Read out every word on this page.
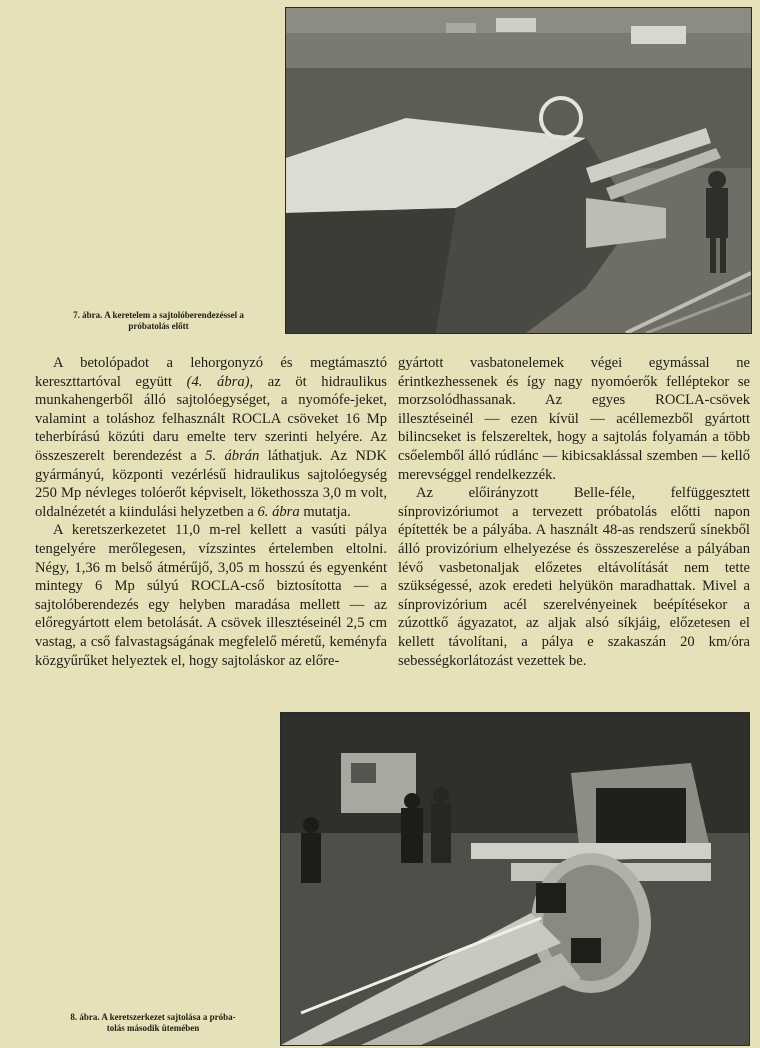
7. ábra. A keretelem a sajtolóberendezéssel a
próbatolás előtt

A betolópadot a lehorgonyzó és megtámasztó kereszttartóval együtt (4. ábra), az öt hidraulikus munkahengerből álló sajtolóegységet, a nyomófe-jeket, valamint a toláshoz felhasznált ROCLA csöveket 16 Mp teherbírású közúti daru emelte terv szerinti helyére. Az összeszerelt berendezést a 5. ábrán láthatjuk. Az NDK gyármányú, központi vezérlésű hidraulikus sajtolóegység 250 Mp névleges tolóerőt képviselt, lökethossza 3,0 m volt, oldalnézetét a kiindulási helyzetben a 6. ábra mutatja.

A keretszerkezetet 11,0 m-rel kellett a vasúti pálya tengelyére merőlegesen, vízszintes értelemben eltolni. Négy, 1,36 m belső átmérűjő, 3,05 m hosszú és egyenként mintegy 6 Mp súlyú ROCLA-cső biztosította — a sajtolóberendezés egy helyben maradása mellett — az előregyártott elem betolását. A csövek illesztéseinél 2,5 cm vastag, a cső falvastagságának megfelelő méretű, keményfa közgyűrűket helyeztek el, hogy sajtoláskor az előre-

gyártott vasbatonelemek végei egymással ne érintkezhessenek és így nagy nyomóerők felléptekor se morzsolódhassanak. Az egyes ROCLA-csövek illesztéseinél — ezen kívül — acéllemezből gyártott bilincseket is felszereltek, hogy a sajtolás folyamán a több csőelemből álló rúdlánc — kibicsaklással szemben — kellő merevséggel rendelkezzék.

Az előirányzott Belle-féle, felfüggesztett sínprovizóriumot a tervezett próbatolás előtti napon építették be a pályába. A használt 48-as rendszerű sínekből álló provizórium elhelyezése és összeszerelése a pályában lévő vasbetonaljak előzetes eltávolítását nem tette szükségessé, azok eredeti helyükön maradhattak. Mivel a sínprovizórium acél szerelvényeinek beépítésekor a zúzottkő ágyazatot, az aljak alsó síkjáig, előzetesen el kellett távolítani, a pálya e szakaszán 20 km/óra sebességkorlátozást vezettek be.

8. ábra. A keretszerkezet sajtolása a próba-
tolás második ütemében
